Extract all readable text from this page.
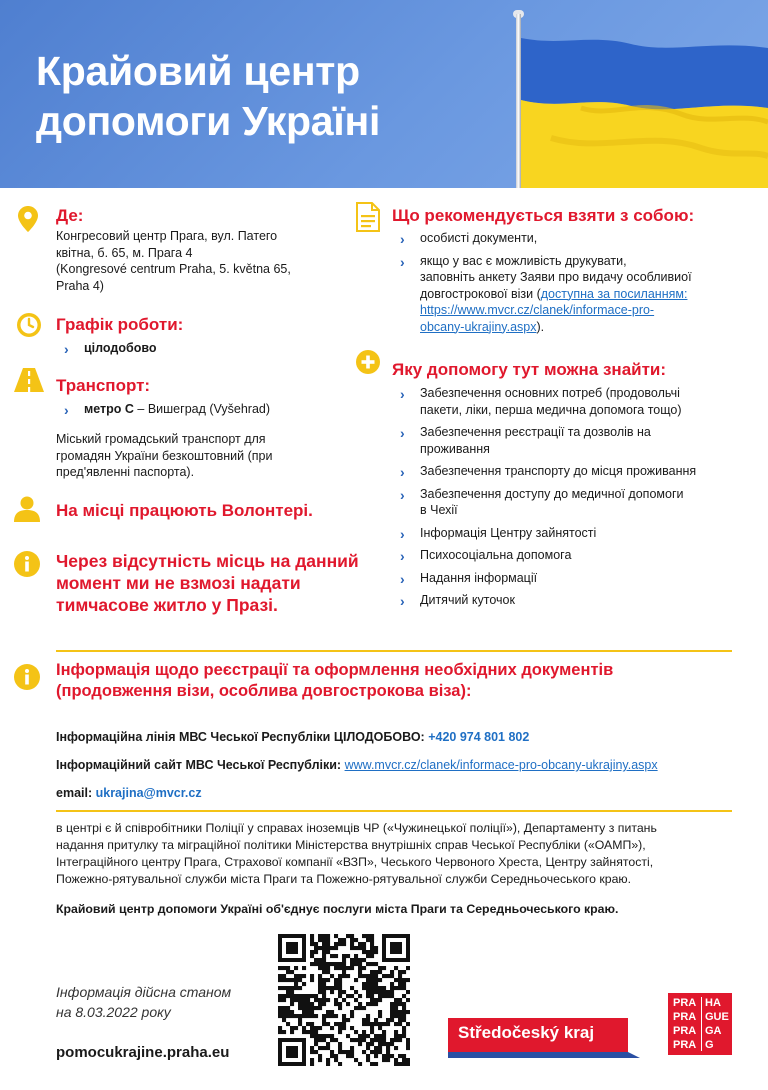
Крайовий центр
допомоги Україні
Де:
Конгресовий центр Прага, вул. Патего
квітна, б. 65, м. Прага 4
(Kongresové centrum Praha, 5. května 65,
Praha 4)
Графік роботи:
› цілодобово
Транспорт:
› метро С – Вишеград (Vyšehrad)
Міський громадський транспорт для
громадян України безкоштовний (при
пред'явленні паспорта).
На місці працюють Волонтері.
Через відсутність місць на данний
момент ми не взмозі надати
тимчасове житло у Празі.
Що рекомендується взяти з собою:
› особисті документи,
› якщо у вас є можливість друкувати,
заповніть анкету Заяви про видачу особливиої
довгострокової візи (доступна за посиланням:
https://www.mvcr.cz/clanek/informace-pro-
obcany-ukrajiny.aspx).
Яку допомогу тут можна знайти:
› Забезпечення основних потреб (продовольчі
пакети, ліки, перша медична допомога тощо)
› Забезпечення реєстрації та дозволів на
проживання
› Забезпечення транспорту до місця проживання
› Забезпечення доступу до медичної допомоги
в Чехії
› Інформація Центру зайнятості
› Психосоціальна допомога
› Надання інформації
› Дитячий куточок
Інформація щодо реєстрації та оформлення необхідних документів
(продовження візи, особлива довгострокова віза):
Інформаційна лінія МВС Чеської Республіки ЦІЛОДОБОВО: +420 974 801 802
Інформаційний сайт МВС Чеської Республіки: www.mvcr.cz/clanek/informace-pro-obcany-ukrajiny.aspx
email: ukrajina@mvcr.cz
в центрі є й співробітники Поліції у справах іноземців ЧР («Чужинецької поліції»), Департаменту з питань
надання притулку та міграційної політики Міністерства внутрішніх справ Чеської Республіки («ОАМП»),
Інтеграційного центру Прага, Страхової компанії «ВЗП», Чеського Червоного Хреста, Центру зайнятості,
Пожежно-рятувальної служби міста Праги та Пожежно-рятувальної служби Середньочеського краю.
Крайовий центр допомоги Україні об'єднує послуги міста Праги та Середньочеського краю.
Інформація дійсна станом
на 8.03.2022 року
pomocukrajine.praha.eu
Středočeský kraj
PRA
PRA
PRA
PRA
HA
GUE
GA
G
